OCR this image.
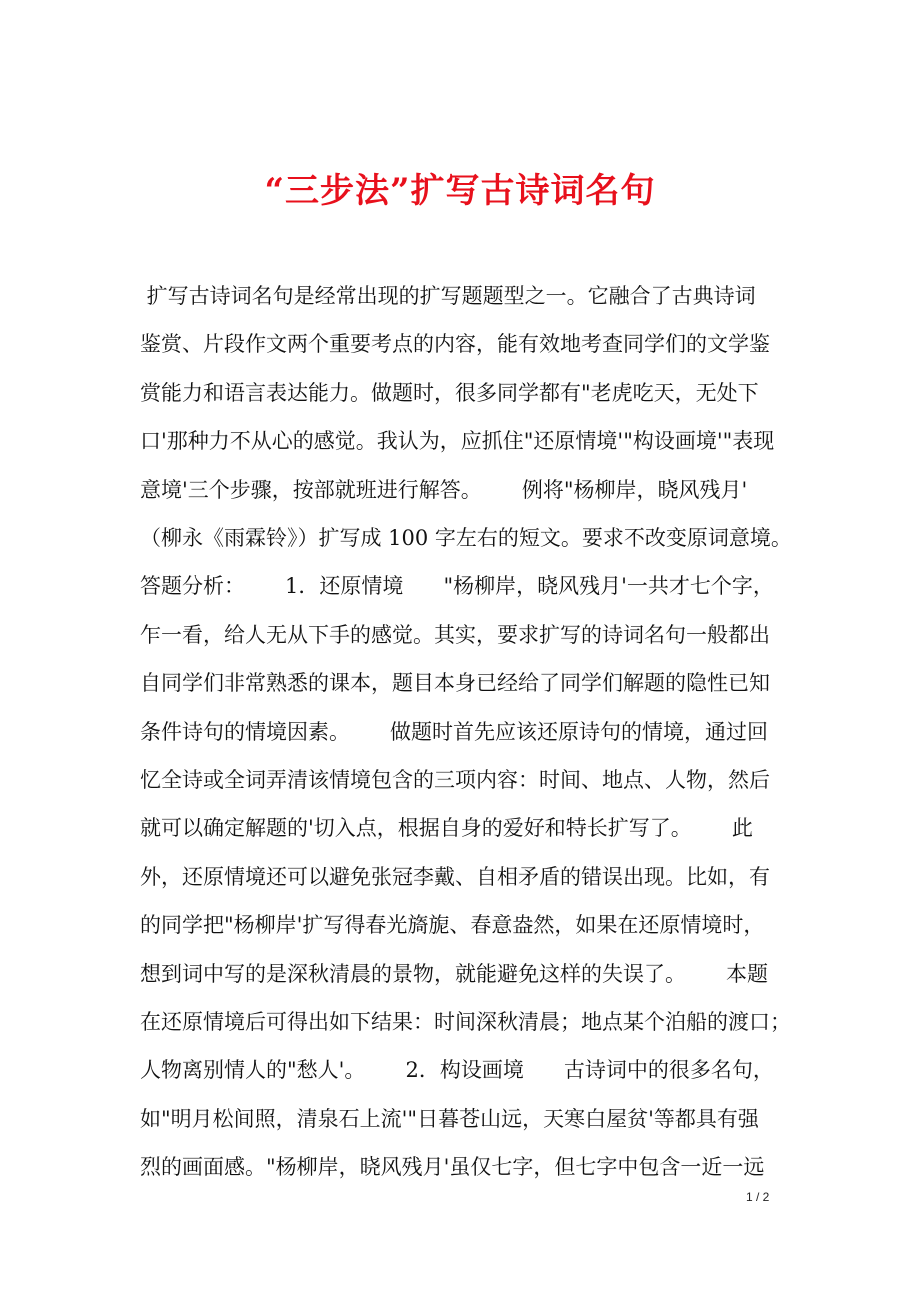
“三步法”扩写古诗词名句
扩写古诗词名句是经常出现的扩写题题型之一。它融合了古典诗词
鉴赏、片段作文两个重要考点的内容，能有效地考查同学们的文学鉴
赏能力和语言表达能力。做题时，很多同学都有"老虎吃天，无处下
口'那种力不从心的感觉。我认为，应抓住"还原情境'"构设画境'"表现
意境'三个步骤，按部就班进行解答。      例将"杨柳岸，晓风残月'
（柳永《雨霖铃》）扩写成 100 字左右的短文。要求不改变原词意境。
答题分析：      1．还原情境      "杨柳岸，晓风残月'一共才七个字，
乍一看，给人无从下手的感觉。其实，要求扩写的诗词名句一般都出
自同学们非常熟悉的课本，题目本身已经给了同学们解题的隐性已知
条件诗句的情境因素。      做题时首先应该还原诗句的情境，通过回
忆全诗或全词弄清该情境包含的三项内容：时间、地点、人物，然后
就可以确定解题的'切入点，根据自身的爱好和特长扩写了。      此
外，还原情境还可以避免张冠李戴、自相矛盾的错误出现。比如，有
的同学把"杨柳岸'扩写得春光旖旎、春意盎然，如果在还原情境时，
想到词中写的是深秋清晨的景物，就能避免这样的失误了。      本题
在还原情境后可得出如下结果：时间深秋清晨；地点某个泊船的渡口；
人物离别情人的"愁人'。      2．构设画境      古诗词中的很多名句，
如"明月松间照，清泉石上流'"日暮苍山远，天寒白屋贫'等都具有强
烈的画面感。"杨柳岸，晓风残月'虽仅七字，但七字中包含一近一远
1 / 2
